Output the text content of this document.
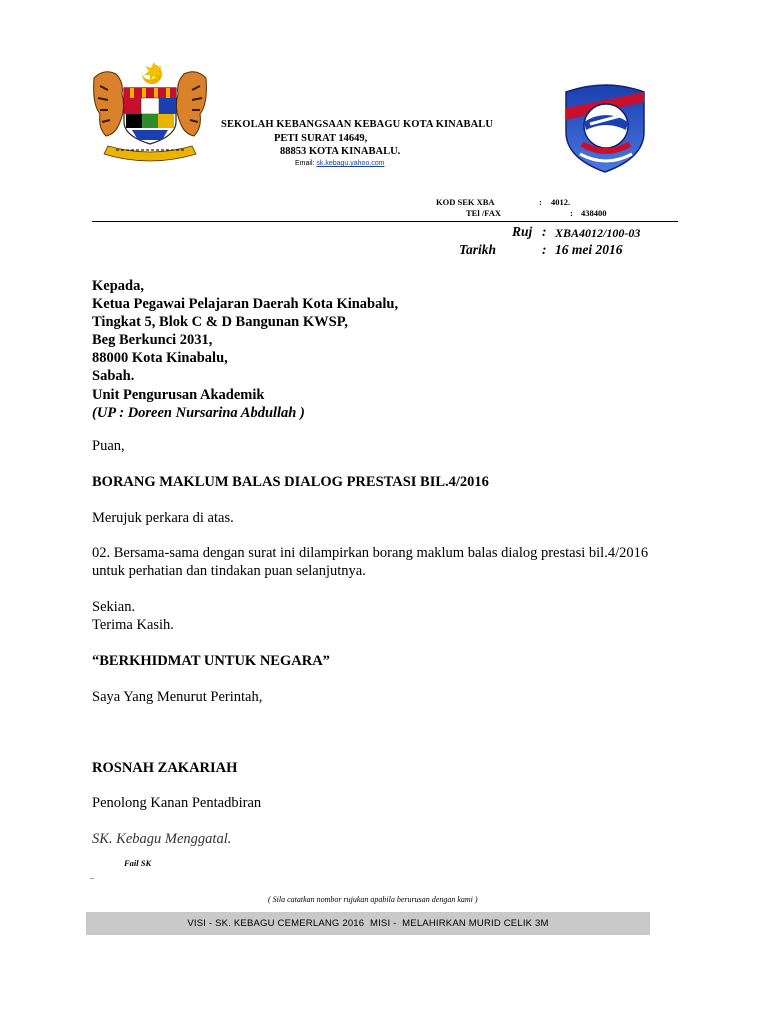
SEKOLAH KEBANGSAAN KEBAGU KOTA KINABALU
PETI SURAT 14649,
88853 KOTA KINABALU.
Email: sk.kebagu.yahoo.com
KOD SEK XBA	: 4012.
TEl /FAX	: 438400
Ruj : XBA4012/100-03
Tarikh	: 16 mei 2016
Kepada,
Ketua Pegawai Pelajaran Daerah Kota Kinabalu,
Tingkat 5, Blok C & D Bangunan KWSP,
Beg Berkunci 2031,
88000 Kota Kinabalu,
Sabah.
Unit Pengurusan Akademik
(UP : Doreen Nursarina Abdullah )
Puan,
BORANG MAKLUM BALAS DIALOG PRESTASI BIL.4/2016
Merujuk perkara di atas.
02. Bersama-sama dengan surat ini dilampirkan borang maklum balas dialog prestasi bil.4/2016
untuk perhatian dan tindakan puan selanjutnya.
Sekian.
Terima Kasih.
“BERKHIDMAT UNTUK NEGARA”
Saya Yang Menurut Perintah,
ROSNAH ZAKARIAH
Penolong Kanan Pentadbiran
SK. Kebagu Menggatal.
Fail SK
..
( Sila catatkan nombor rujukan apabila berurusan dengan kami )
VISI - SK. KEBAGU CEMERLANG 2016  MISI -  MELAHIRKAN MURID CELIK 3M
